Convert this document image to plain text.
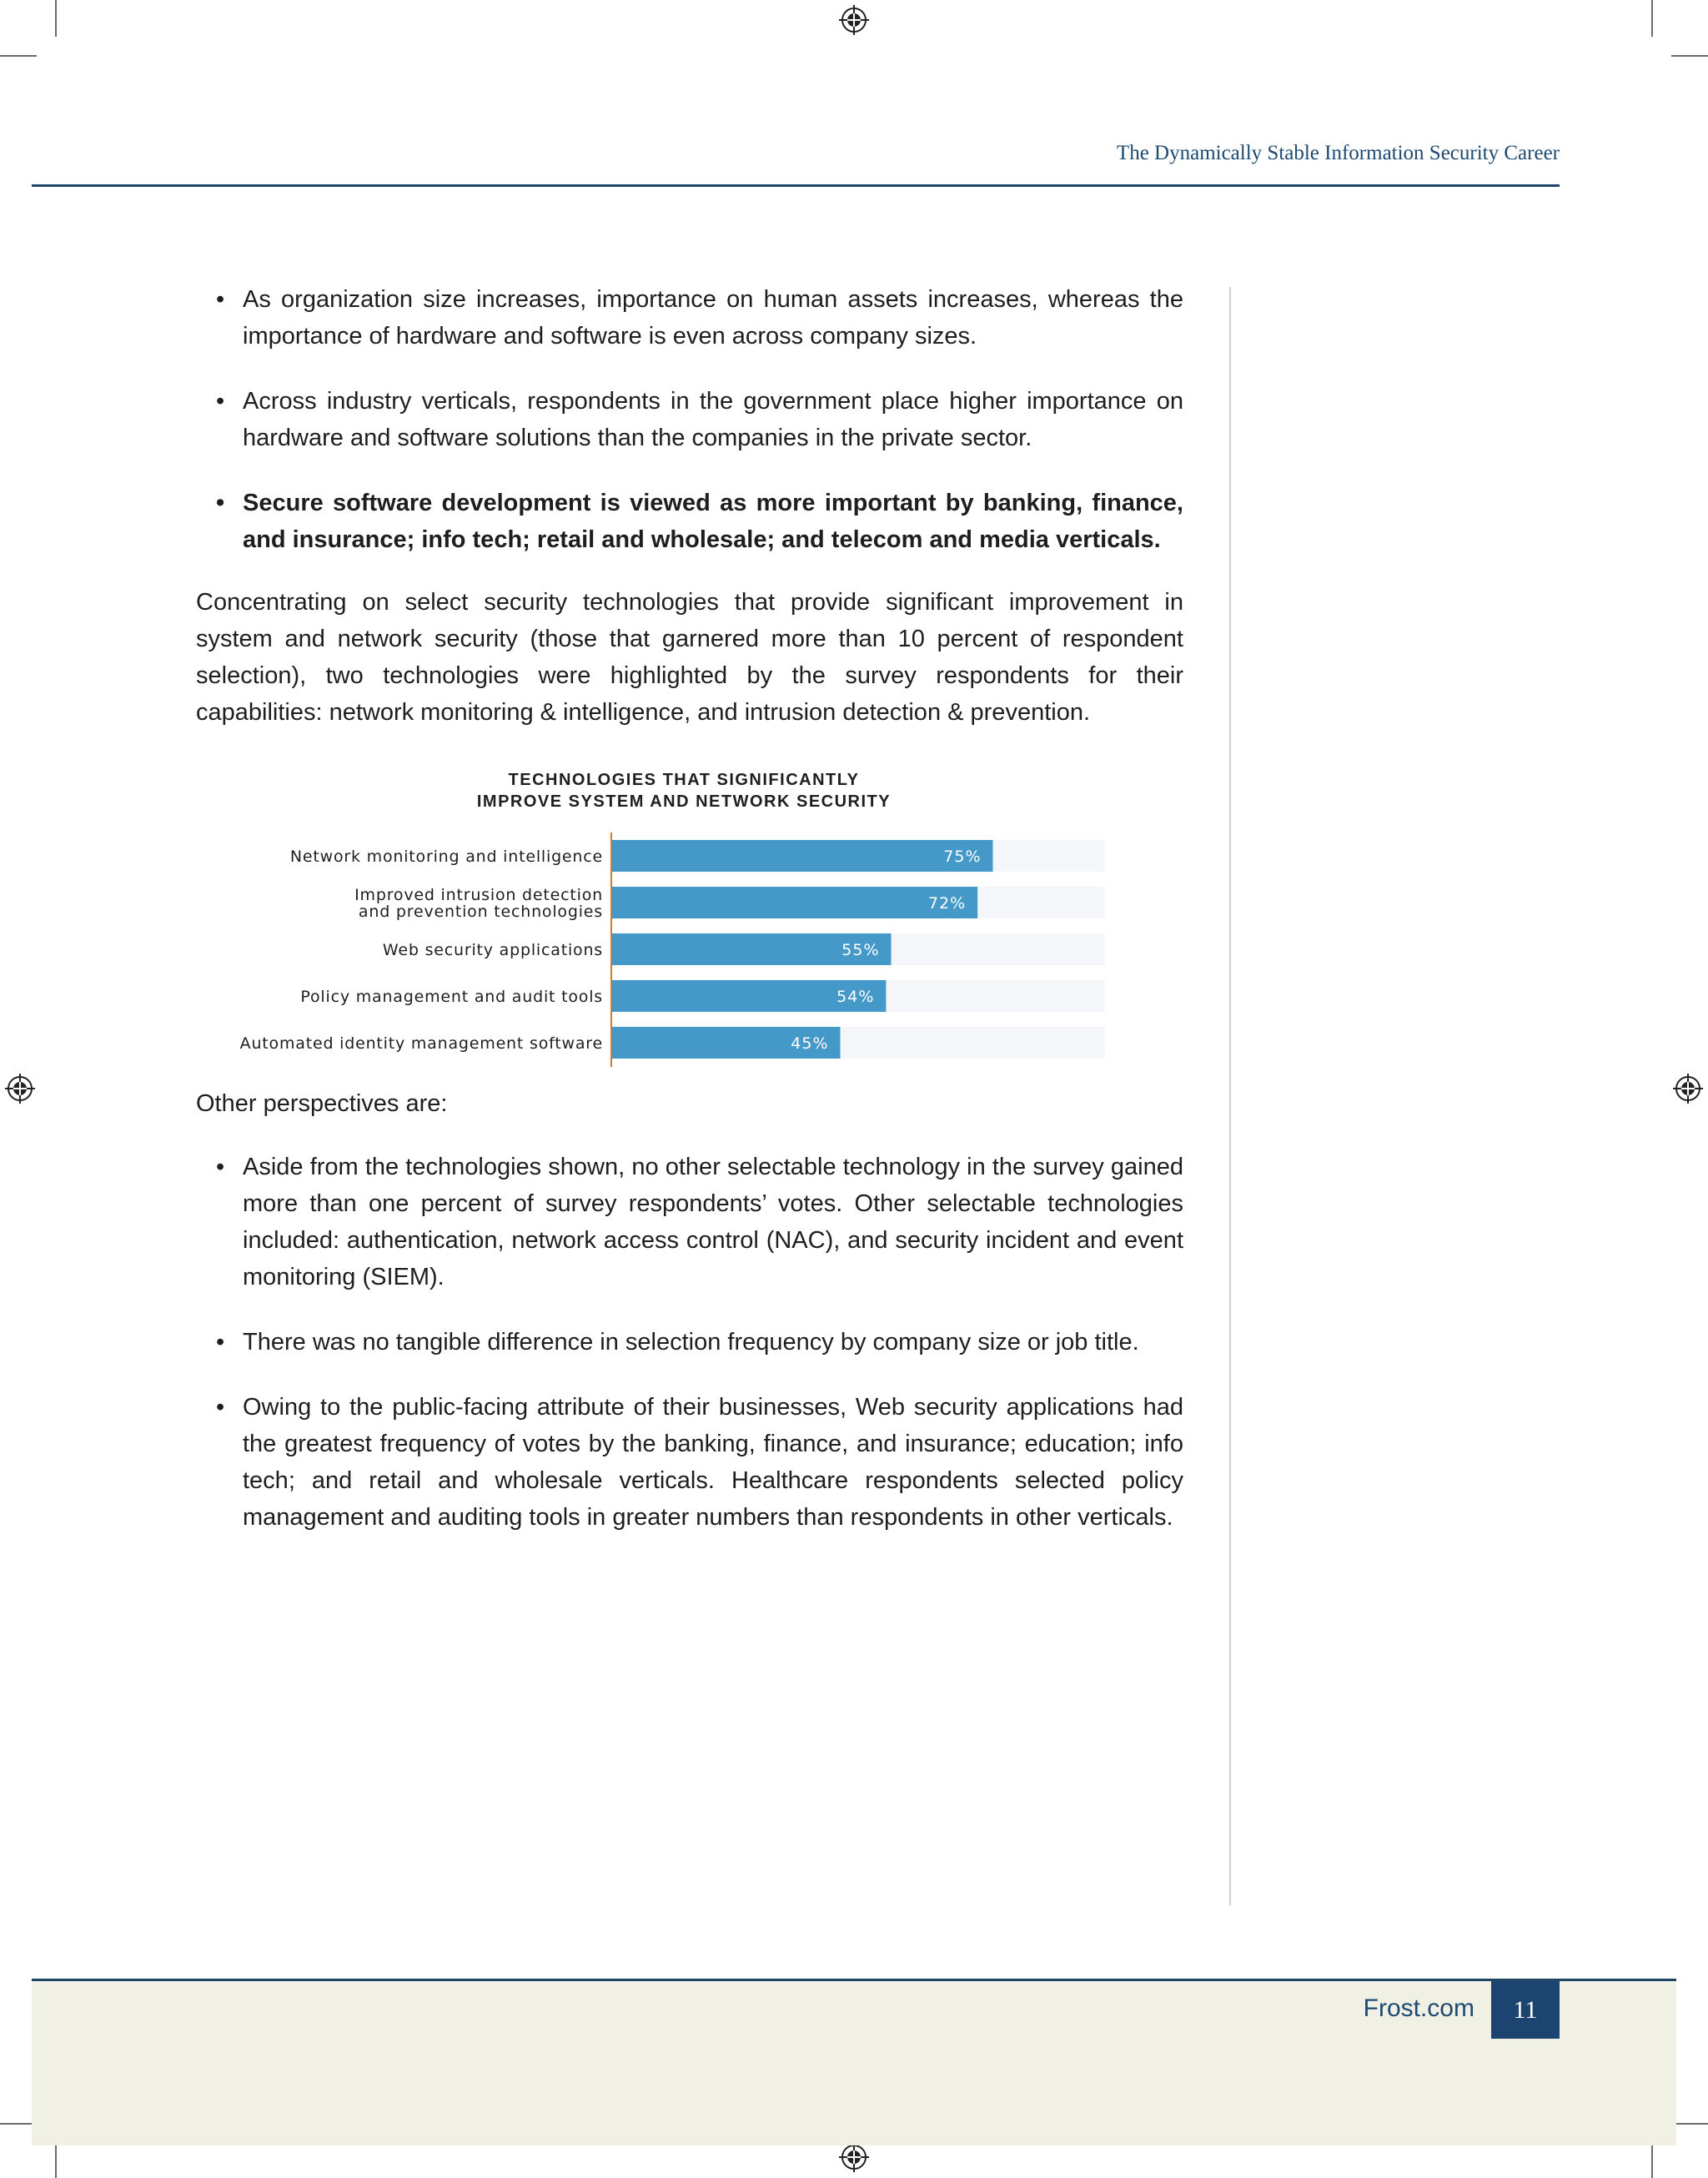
The Dynamically Stable Information Security Career
• As organization size increases, importance on human assets increases, whereas the importance of hardware and software is even across company sizes.
• Across industry verticals, respondents in the government place higher importance on hardware and software solutions than the companies in the private sector.
• Secure software development is viewed as more important by banking, finance, and insurance; info tech; retail and wholesale; and telecom and media verticals.

Concentrating on select security technologies that provide significant improvement in system and network security (those that garnered more than 10 percent of respondent selection), two technologies were highlighted by the survey respondents for their capabilities: network monitoring & intelligence, and intrusion detection & prevention.

TECHNOLOGIES THAT SIGNIFICANTLY
IMPROVE SYSTEM AND NETWORK SECURITY
75%
Network monitoring and intelligence
72%
Improved intrusion detection
and prevention technologies
55%
Web security applications
54%
Policy management and audit tools
45%
Automated identity management software

Other perspectives are:

• Aside from the technologies shown, no other selectable technology in the survey gained more than one percent of survey respondents’ votes. Other selectable technologies included: authentication, network access control (NAC), and security incident and event monitoring (SIEM).
• There was no tangible difference in selection frequency by company size or job title.
• Owing to the public-facing attribute of their businesses, Web security applications had the greatest frequency of votes by the banking, finance, and insurance; education; info tech; and retail and wholesale verticals. Healthcare respondents selected policy management and auditing tools in greater numbers than respondents in other verticals.
Frost.com	11
